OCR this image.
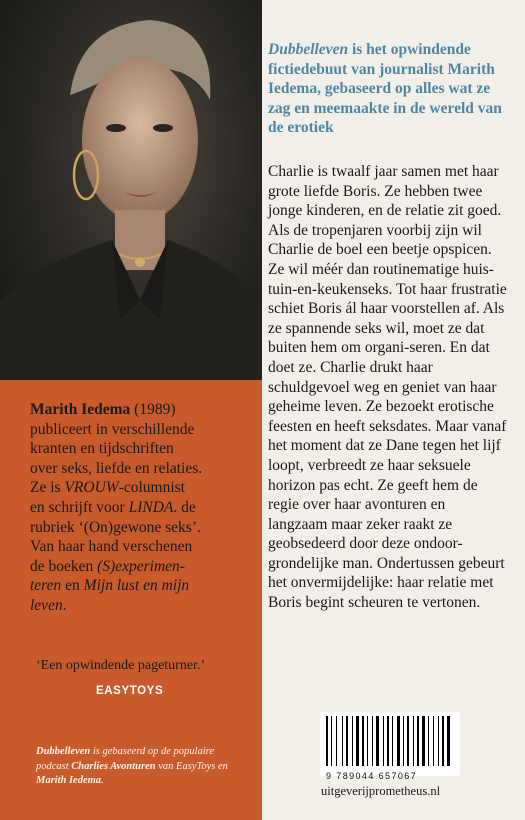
Marith Iedema (1989)
publiceert in verschillende
kranten en tijdschriften
over seks, liefde en relaties.
Ze is VROUW-columnist
en schrijft voor LINDA. de
rubriek ‘(On)gewone seks’.
Van haar hand verschenen
de boeken (S)experimen-
teren en Mijn lust en mijn
leven.
‘Een opwindende pageturner.’
EASYTOYS
Dubbelleven is gebaseerd op de populaire podcast Charlies Avonturen van EasyToys en Marith Iedema.
Dubbelleven is het opwindende fictiedebuut van journalist Marith Iedema, gebaseerd op alles wat ze zag en meemaakte in de wereld van de erotiek
Charlie is twaalf jaar samen met haar grote liefde Boris. Ze hebben twee jonge kinderen, en de relatie zit goed. Als de tropenjaren voorbij zijn wil Charlie de boel een beetje opspicen. Ze wil méér dan routinematige huis-tuin-en-keukenseks. Tot haar frustratie schiet Boris ál haar voorstellen af. Als ze spannende seks wil, moet ze dat buiten hem om organi-seren. En dat doet ze. Charlie drukt haar schuldgevoel weg en geniet van haar geheime leven. Ze bezoekt erotische feesten en heeft seksdates. Maar vanaf het moment dat ze Dane tegen het lijf loopt, verbreedt ze haar seksuele horizon pas echt. Ze geeft hem de regie over haar avonturen en langzaam maar zeker raakt ze geobsedeerd door deze ondoor-grondelijke man. Ondertussen gebeurt het onvermijdelijke: haar relatie met Boris begint scheuren te vertonen.
9 789044 657067
uitgeverijprometheus.nl
